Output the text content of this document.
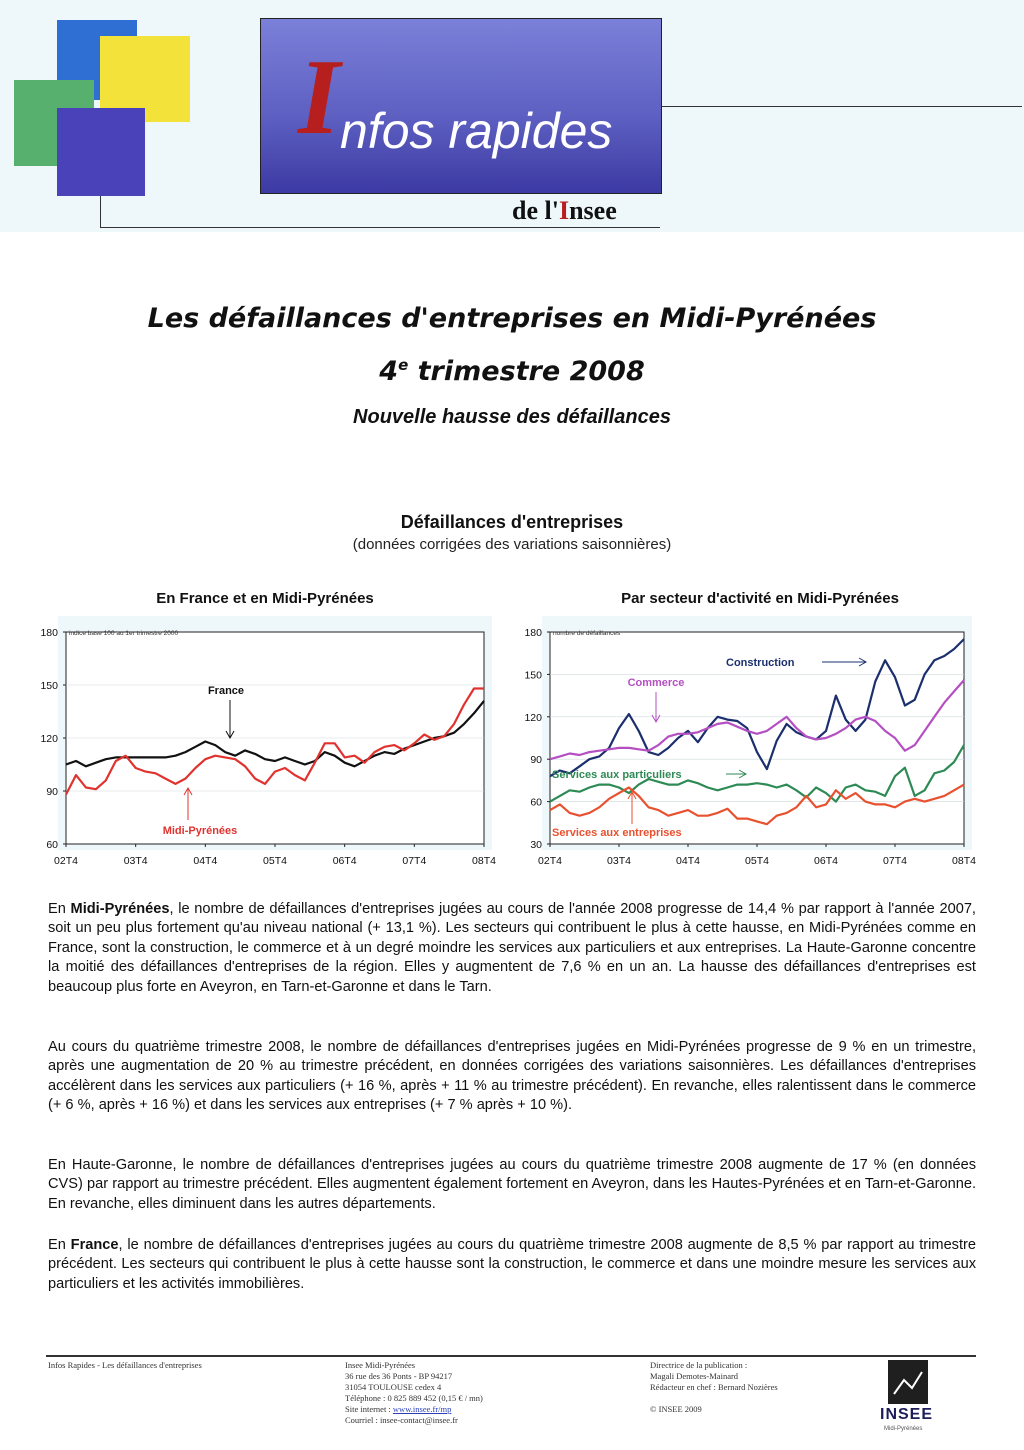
I nfos rapides
de l'Insee
Les défaillances d'entreprises en Midi-Pyrénées
4e trimestre 2008
Nouvelle hausse des défaillances
Défaillances d'entreprises
(données corrigées des variations saisonnières)
En France et en Midi-Pyrénées	Par secteur d'activité en Midi-Pyrénées
60
90
120
150
180
02T4	03T4	04T4	05T4	06T4	07T4	08T4
indice base 100 au 1er trimestre 2000
France
Midi-Pyrénées
30
60
90
120
150
180
02T4	03T4	04T4	05T4	06T4	07T4	08T4
nombre de défaillances
Construction
Commerce
Services aux particuliers
Services aux entreprises
En Midi-Pyrénées, le nombre de défaillances d'entreprises jugées au cours de l'année 2008 progresse de 14,4 % par rapport à l'année 2007, soit un peu plus fortement qu'au niveau national (+ 13,1 %). Les secteurs qui contribuent le plus à cette hausse, en Midi-Pyrénées comme en France, sont la construction, le commerce et à un degré moindre les services aux particuliers et aux entreprises. La Haute-Garonne concentre la moitié des défaillances d'entreprises de la région. Elles y augmentent de 7,6 % en un an. La hausse des défaillances d'entreprises est beaucoup plus forte en Aveyron, en Tarn-et-Garonne et dans le Tarn.
Au cours du quatrième trimestre 2008, le nombre de défaillances d'entreprises jugées en Midi-Pyrénées progresse de 9 % en un trimestre, après une augmentation de 20 % au trimestre précédent, en données corrigées des variations saisonnières. Les défaillances d'entreprises accélèrent dans les services aux particuliers (+ 16 %, après + 11 % au trimestre précédent). En revanche, elles ralentissent dans le commerce (+ 6 %, après + 16 %) et dans les services aux entreprises (+ 7 % après + 10 %).
En Haute-Garonne, le nombre de défaillances d'entreprises jugées au cours du quatrième trimestre 2008 augmente de 17 % (en données CVS) par rapport au trimestre précédent. Elles augmentent également fortement en Aveyron, dans les Hautes-Pyrénées et en Tarn-et-Garonne. En revanche, elles diminuent dans les autres départements.
En France, le nombre de défaillances d'entreprises jugées au cours du quatrième trimestre 2008 augmente de 8,5 % par rapport au trimestre précédent. Les secteurs qui contribuent le plus à cette hausse sont la construction, le commerce et dans une moindre mesure les services aux particuliers et les activités immobilières.
Infos Rapides - Les défaillances d'entreprises	Insee Midi-Pyrénées
36 rue des 36 Ponts - BP 94217
31054 TOULOUSE cedex 4
Téléphone : 0 825 889 452 (0,15 € / mn)
Site internet : www.insee.fr/mp
Courriel : insee-contact@insee.fr
Directrice de la publication :
Magali Demotes-Mainard
Rédacteur en chef : Bernard Nozières
© INSEE 2009	INSEE
Midi-Pyrénées
